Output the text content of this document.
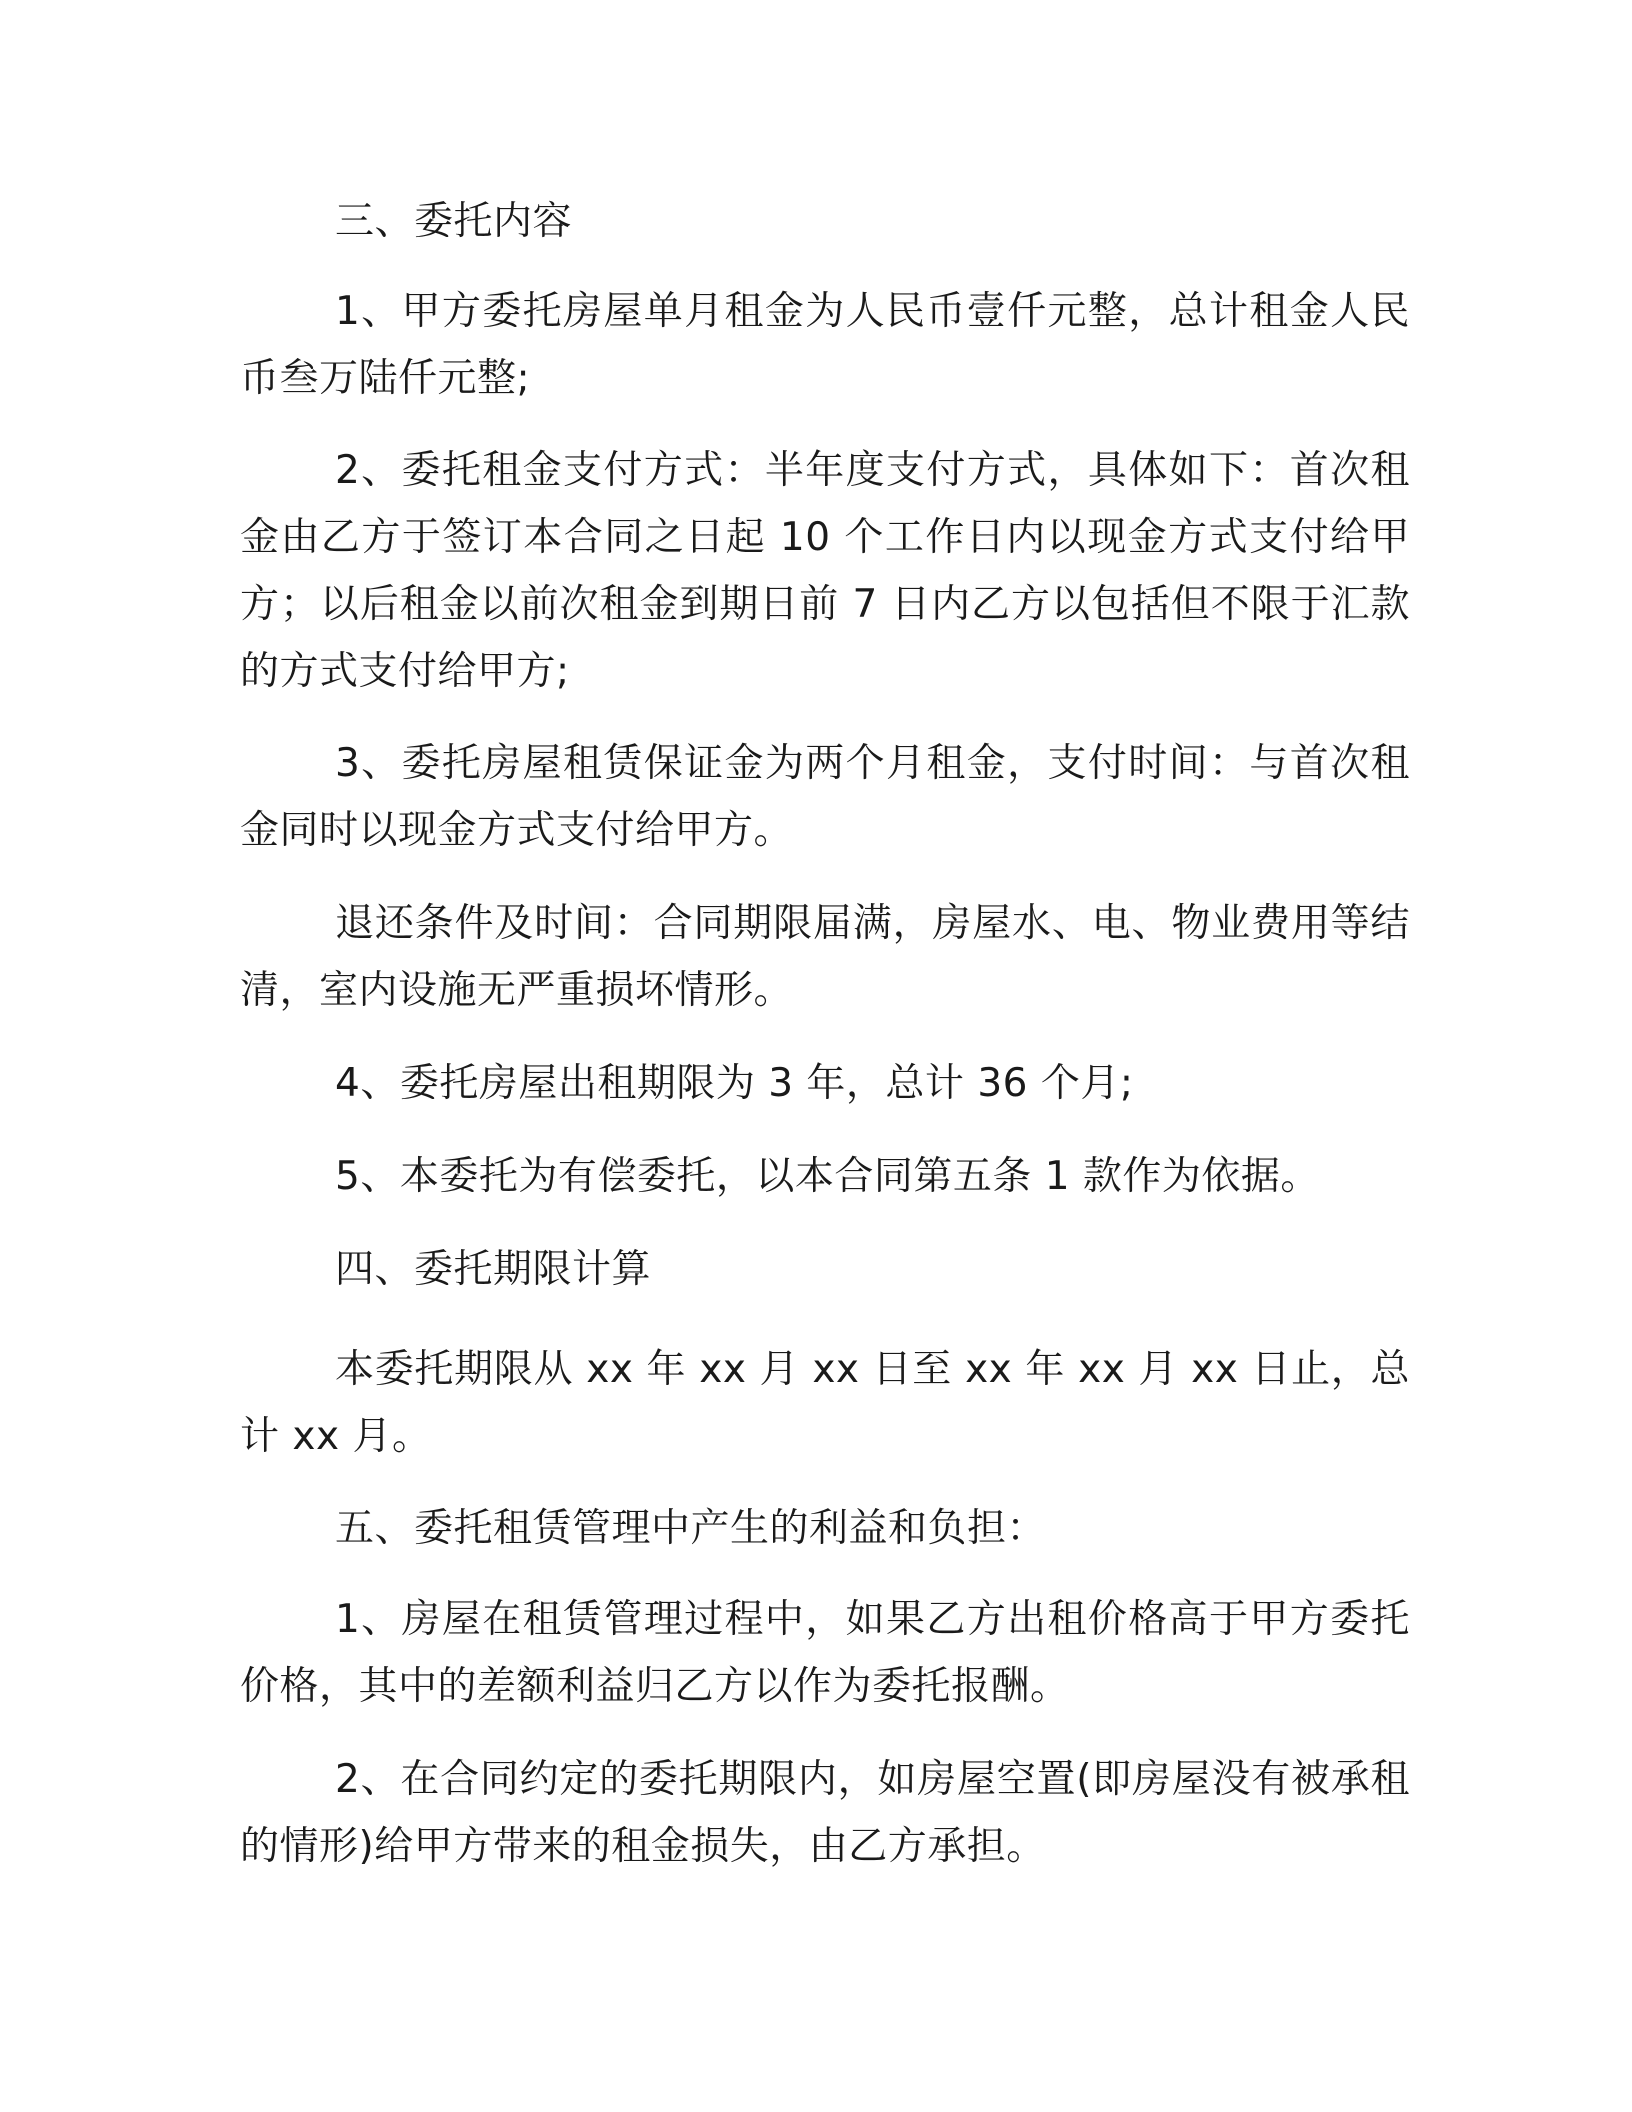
三、委托内容

1、甲方委托房屋单月租金为人民币壹仟元整，总计租金人民币叁万陆仟元整;

2、委托租金支付方式：半年度支付方式，具体如下：首次租金由乙方于签订本合同之日起 10 个工作日内以现金方式支付给甲方；以后租金以前次租金到期日前 7 日内乙方以包括但不限于汇款的方式支付给甲方;

3、委托房屋租赁保证金为两个月租金，支付时间：与首次租金同时以现金方式支付给甲方。

退还条件及时间：合同期限届满，房屋水、电、物业费用等结清，室内设施无严重损坏情形。

4、委托房屋出租期限为 3 年，总计 36 个月;

5、本委托为有偿委托，以本合同第五条 1 款作为依据。

四、委托期限计算

本委托期限从 xx 年 xx 月 xx 日至 xx 年 xx 月 xx 日止，总计 xx 月。

五、委托租赁管理中产生的利益和负担：

1、房屋在租赁管理过程中，如果乙方出租价格高于甲方委托价格，其中的差额利益归乙方以作为委托报酬。

2、在合同约定的委托期限内，如房屋空置(即房屋没有被承租的情形)给甲方带来的租金损失，由乙方承担。
